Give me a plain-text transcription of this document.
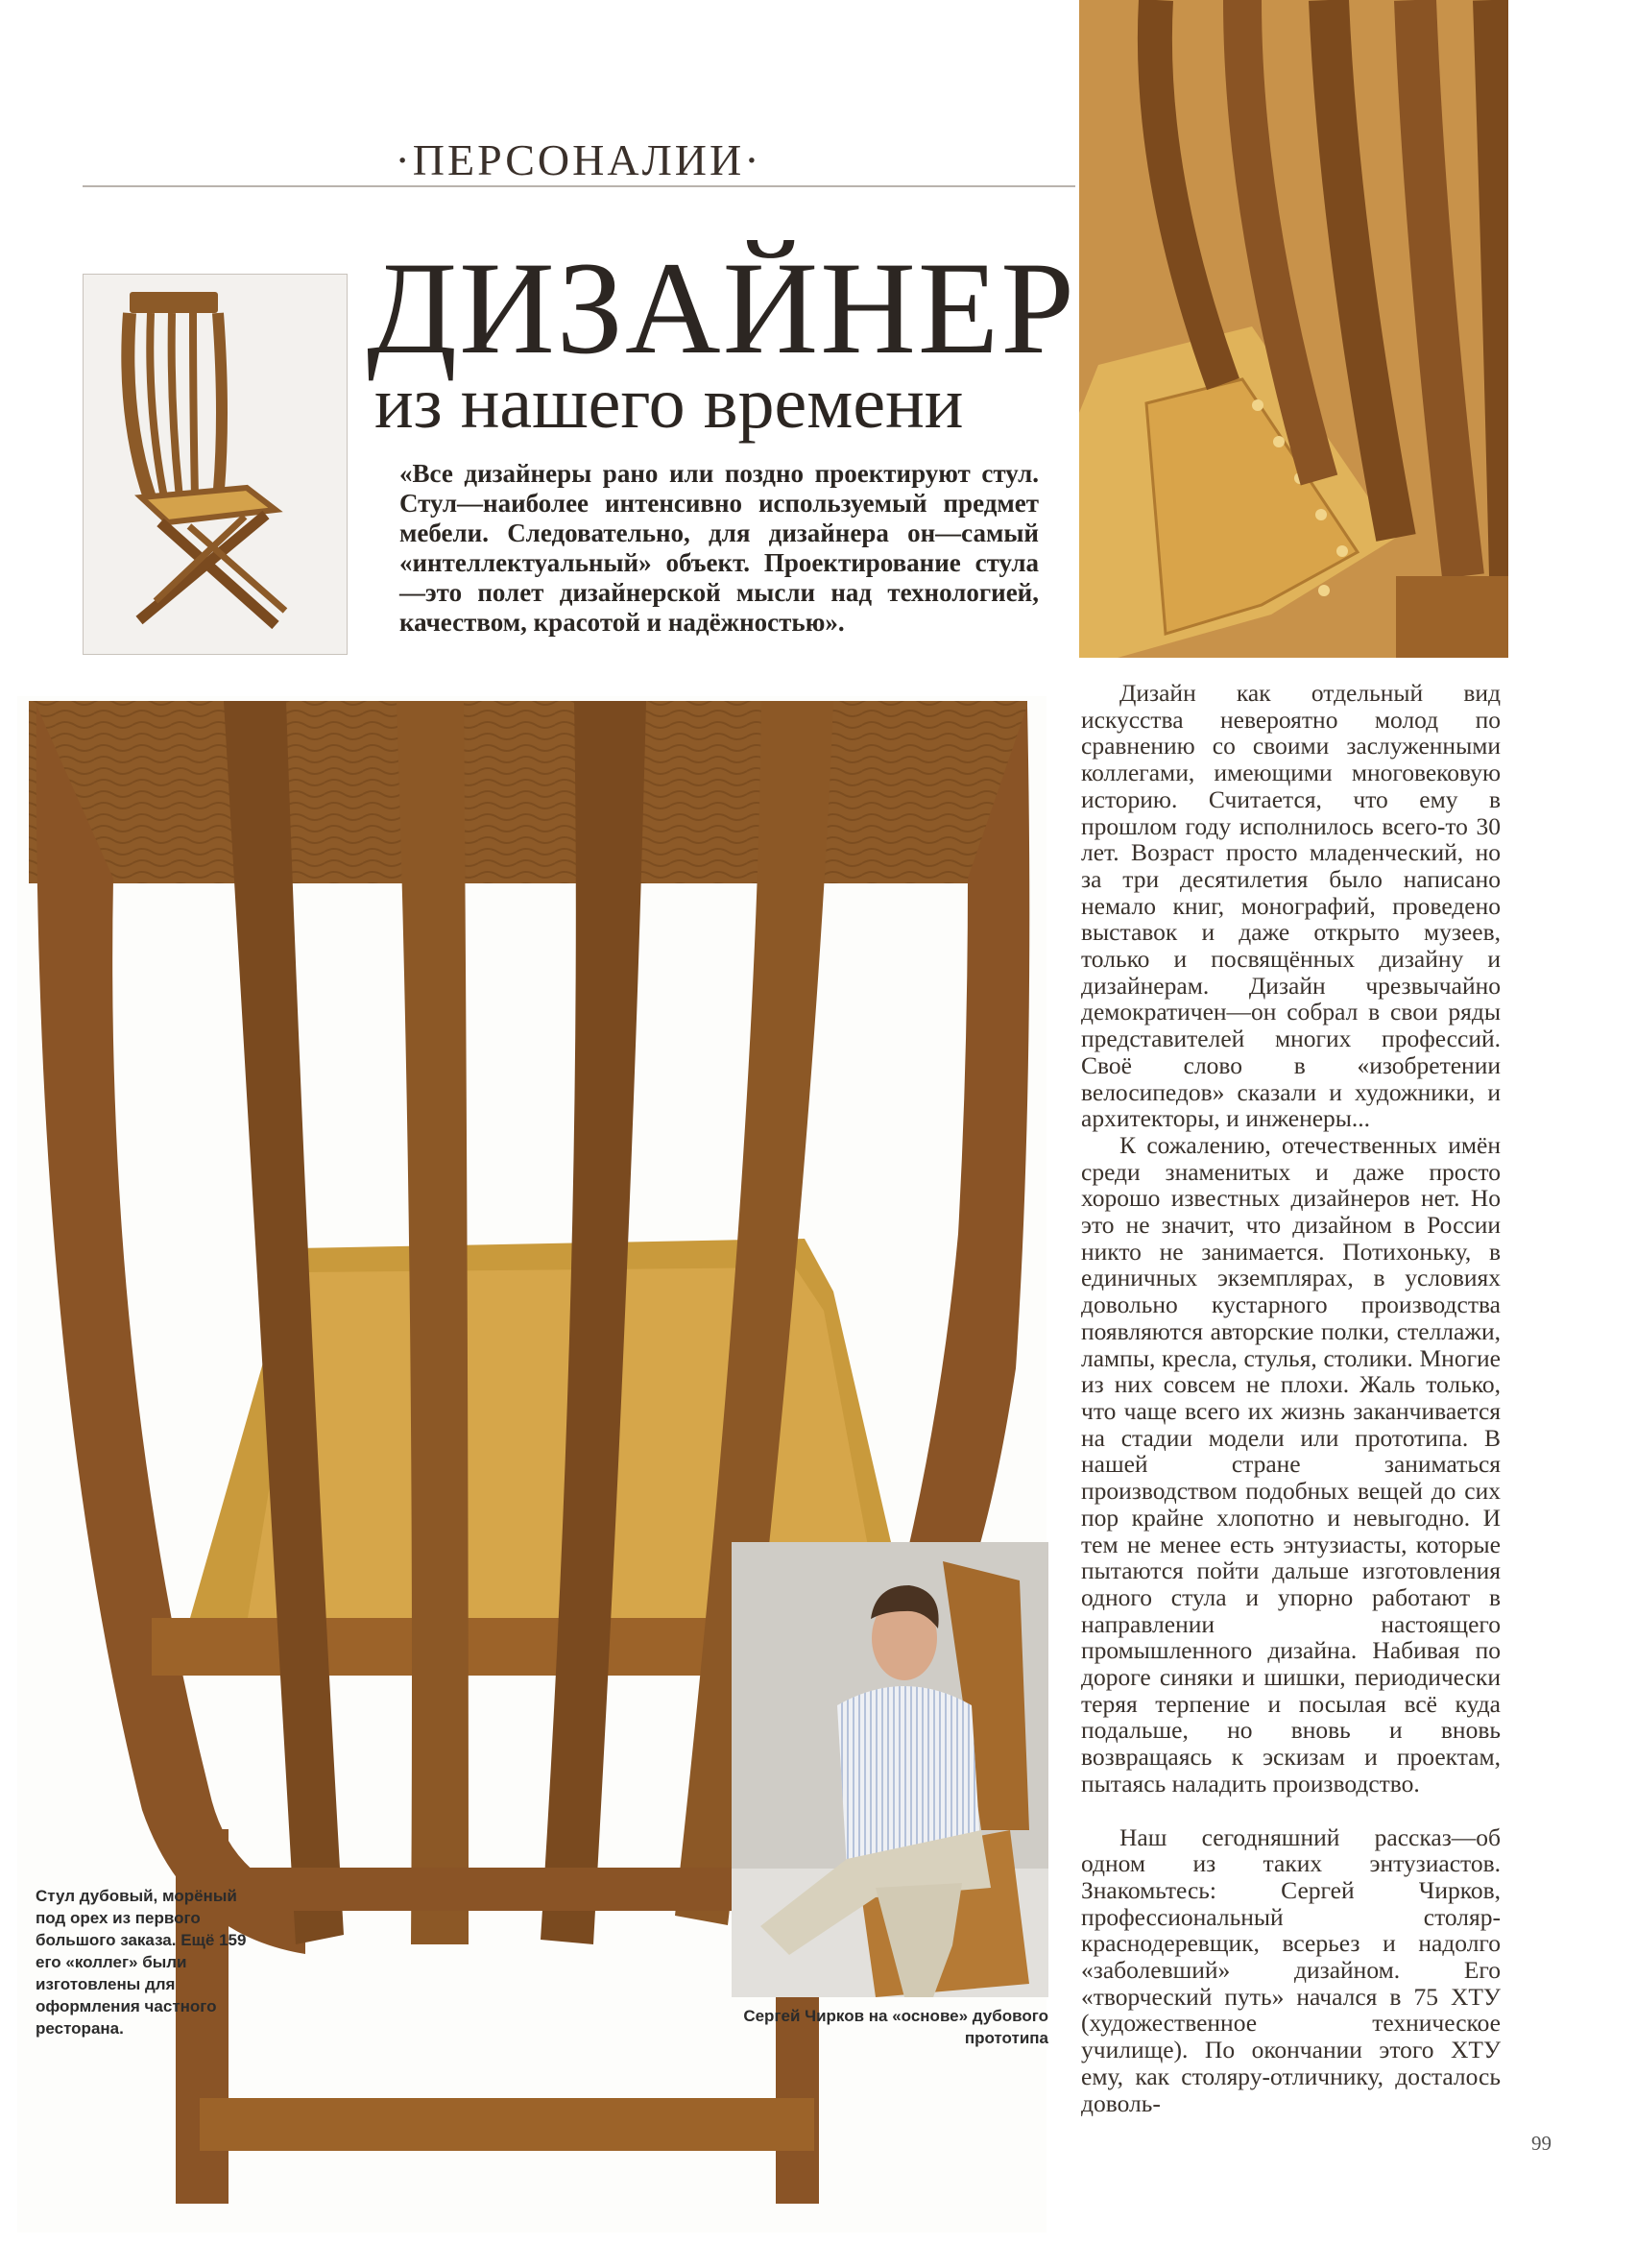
·ПЕРСОНАЛИИ·
ДИЗАЙНЕР
из нашего времени
«Все дизайнеры рано или поздно проектируют стул. Стул—наиболее интенсивно используемый предмет мебели. Следовательно, для дизайнера он—самый «интеллектуальный» объект. Проектирование стула—это полет дизайнерской мысли над технологией, качеством, красотой и надёжностью».
Стул дубовый, морёный под орех из первого большого заказа. Ещё 159 его «коллег» были изготовлены для оформления частного ресторана.
Сергей Чирков на «основе» дубового прототипа

Дизайн как отдельный вид искусства невероятно молод по сравнению со своими заслуженными коллегами, имеющими многовековую историю. Считается, что ему в прошлом году исполнилось всего-то 30 лет. Возраст просто младенческий, но за три десятилетия было написано немало книг, монографий, проведено выставок и даже открыто музеев, только и посвящённых дизайну и дизайнерам. Дизайн чрезвычайно демократичен—он собрал в свои ряды представителей многих профессий. Своё слово в «изобретении велосипедов» сказали и художники, и архитекторы, и инженеры...

К сожалению, отечественных имён среди знаменитых и даже просто хорошо известных дизайнеров нет. Но это не значит, что дизайном в России никто не занимается. Потихоньку, в единичных экземплярах, в условиях довольно кустарного производства появляются авторские полки, стеллажи, лампы, кресла, стулья, столики. Многие из них совсем не плохи. Жаль только, что чаще всего их жизнь заканчивается на стадии модели или прототипа. В нашей стране заниматься производством подобных вещей до сих пор крайне хлопотно и невыгодно. И тем не менее есть энтузиасты, которые пытаются пойти дальше изготовления одного стула и упорно работают в направлении настоящего промышленного дизайна. Набивая по дороге синяки и шишки, периодически теряя терпение и посылая всё куда подальше, но вновь и вновь возвращаясь к эскизам и проектам, пытаясь наладить производство.

Наш сегодняшний рассказ—об одном из таких энтузиастов. Знакомьтесь: Сергей Чирков, профессиональный столяр-краснодеревщик, всерьез и надолго «заболевший» дизайном. Его «творческий путь» начался в 75 ХТУ (художественное техническое училище). По окончании этого ХТУ ему, как столяру-отличнику, досталось доволь-

99
